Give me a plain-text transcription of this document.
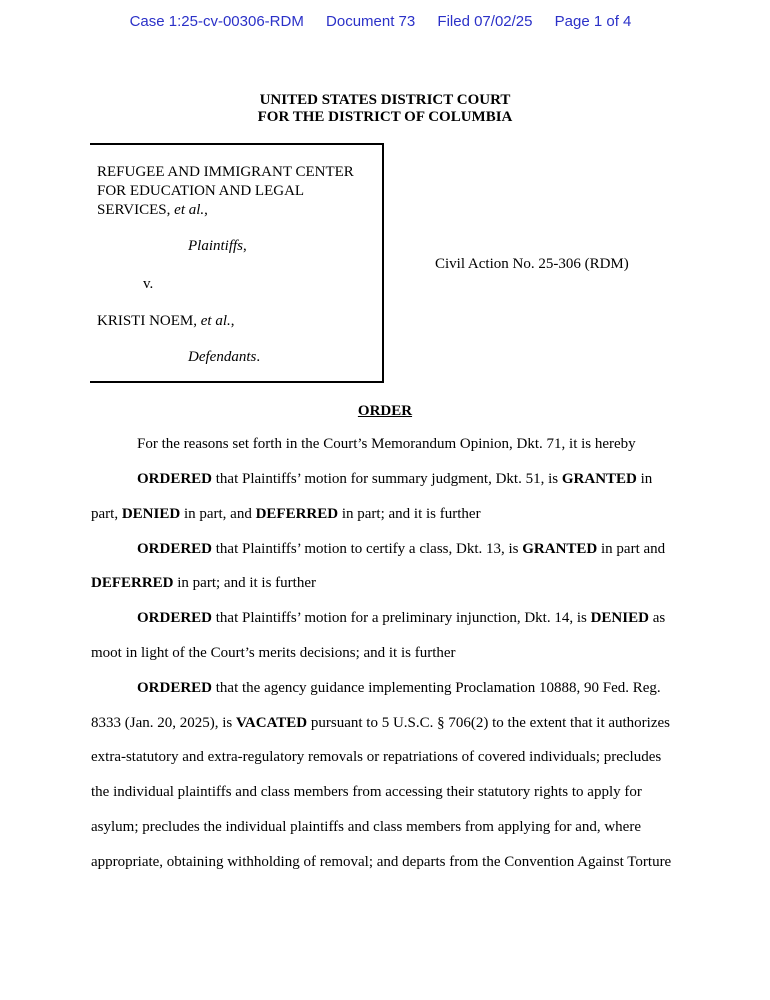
Case 1:25-cv-00306-RDM Document 73 Filed 07/02/25 Page 1 of 4
UNITED STATES DISTRICT COURT
FOR THE DISTRICT OF COLUMBIA
REFUGEE AND IMMIGRANT CENTER
FOR EDUCATION AND LEGAL
SERVICES, et al.,
Plaintiffs,
v.
KRISTI NOEM, et al.,
Defendants.
Civil Action No. 25-306 (RDM)
ORDER
For the reasons set forth in the Court’s Memorandum Opinion, Dkt. 71, it is hereby
ORDERED that Plaintiffs’ motion for summary judgment, Dkt. 51, is GRANTED in
part, DENIED in part, and DEFERRED in part; and it is further
ORDERED that Plaintiffs’ motion to certify a class, Dkt. 13, is GRANTED in part and
DEFERRED in part; and it is further
ORDERED that Plaintiffs’ motion for a preliminary injunction, Dkt. 14, is DENIED as
moot in light of the Court’s merits decisions; and it is further
ORDERED that the agency guidance implementing Proclamation 10888, 90 Fed. Reg.
8333 (Jan. 20, 2025), is VACATED pursuant to 5 U.S.C. § 706(2) to the extent that it authorizes
extra-statutory and extra-regulatory removals or repatriations of covered individuals; precludes
the individual plaintiffs and class members from accessing their statutory rights to apply for
asylum; precludes the individual plaintiffs and class members from applying for and, where
appropriate, obtaining withholding of removal; and departs from the Convention Against Torture
